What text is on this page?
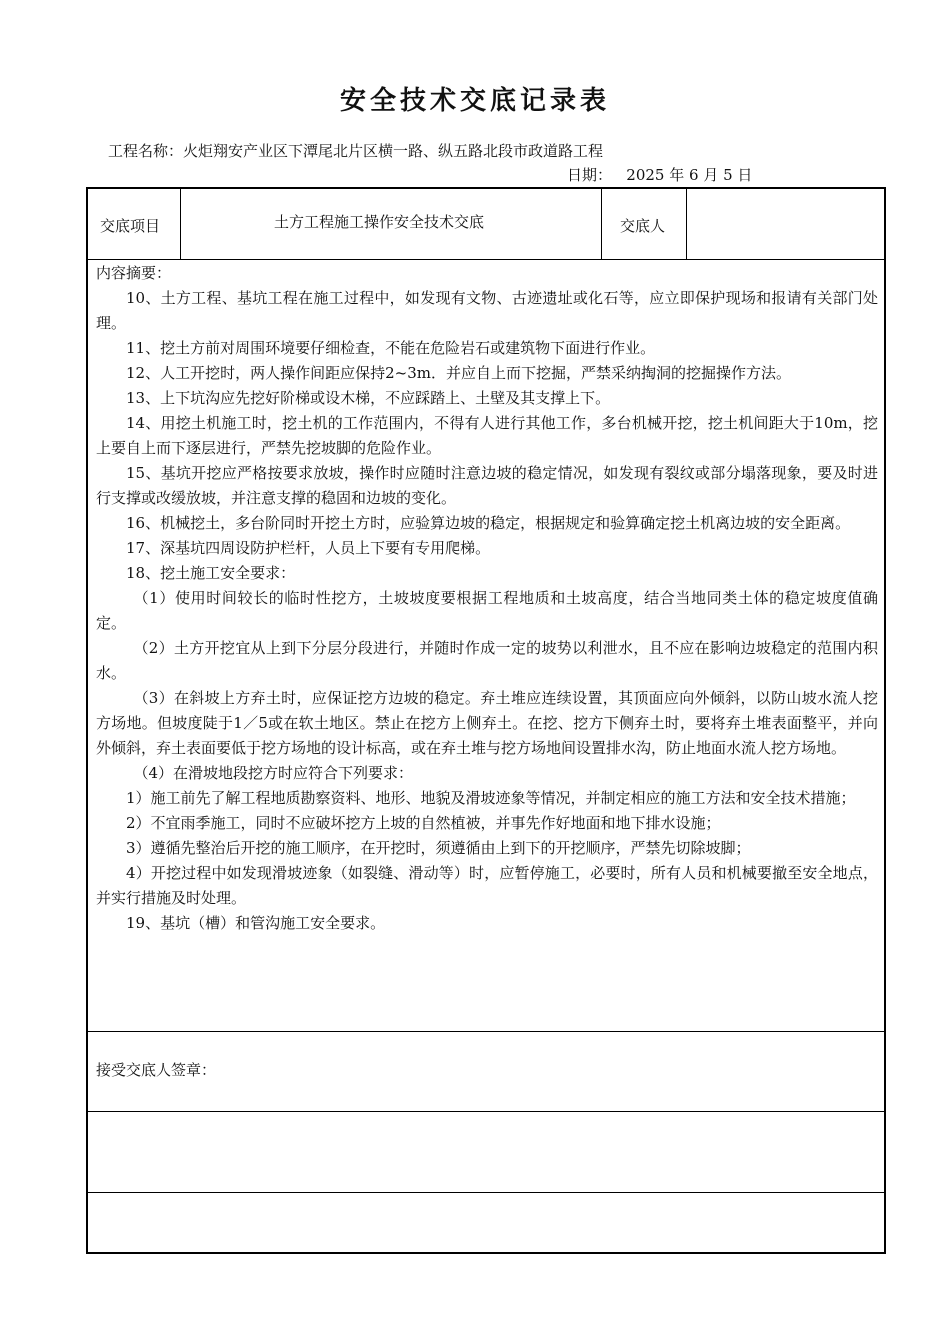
安全技术交底记录表
工程名称：火炬翔安产业区下潭尾北片区横一路、纵五路北段市政道路工程
日期：   2025 年 6 月 5 日
交底项目	土方工程施工操作安全技术交底	交底人

内容摘要：

10、土方工程、基坑工程在施工过程中，如发现有文物、古迹遗址或化石等，应立即保护现场和报请有关部门处理。

11、挖土方前对周围环境要仔细检查，不能在危险岩石或建筑物下面进行作业。

12、人工开挖时，两人操作间距应保持2~3m．并应自上而下挖掘，严禁采纳掏洞的挖掘操作方法。

13、上下坑沟应先挖好阶梯或设木梯，不应踩踏上、土壁及其支撑上下。

14、用挖土机施工时，挖土机的工作范围内，不得有人进行其他工作，多台机械开挖，挖土机间距大于10m，挖上要自上而下逐层进行，严禁先挖坡脚的危险作业。

15、基坑开挖应严格按要求放坡，操作时应随时注意边坡的稳定情况，如发现有裂纹或部分塌落现象，要及时进行支撑或改缓放坡，并注意支撑的稳固和边坡的变化。

16、机械挖土，多台阶同时开挖土方时，应验算边坡的稳定，根据规定和验算确定挖土机离边坡的安全距离。

17、深基坑四周设防护栏杆，人员上下要有专用爬梯。

18、挖土施工安全要求：

（1）使用时间较长的临时性挖方，土坡坡度要根据工程地质和土坡高度，结合当地同类土体的稳定坡度值确定。

（2）土方开挖宜从上到下分层分段进行，并随时作成一定的坡势以利泄水，且不应在影响边坡稳定的范围内积水。

（3）在斜坡上方弃土时，应保证挖方边坡的稳定。弃土堆应连续设置，其顶面应向外倾斜，以防山坡水流人挖方场地。但坡度陡于1／5或在软土地区。禁止在挖方上侧弃土。在挖、挖方下侧弃土时，要将弃土堆表面整平，并向外倾斜，弃土表面要低于挖方场地的设计标高，或在弃土堆与挖方场地间设置排水沟，防止地面水流人挖方场地。

（4）在滑坡地段挖方时应符合下列要求：

1）施工前先了解工程地质勘察资料、地形、地貌及滑坡迹象等情况，并制定相应的施工方法和安全技术措施；

2）不宜雨季施工，同时不应破坏挖方上坡的自然植被，并事先作好地面和地下排水设施；

3）遵循先整治后开挖的施工顺序，在开挖时，须遵循由上到下的开挖顺序，严禁先切除坡脚；

4）开挖过程中如发现滑坡迹象（如裂缝、滑动等）时，应暂停施工，必要时，所有人员和机械要撤至安全地点，并实行措施及时处理。

19、基坑（槽）和管沟施工安全要求。

接受交底人签章：
